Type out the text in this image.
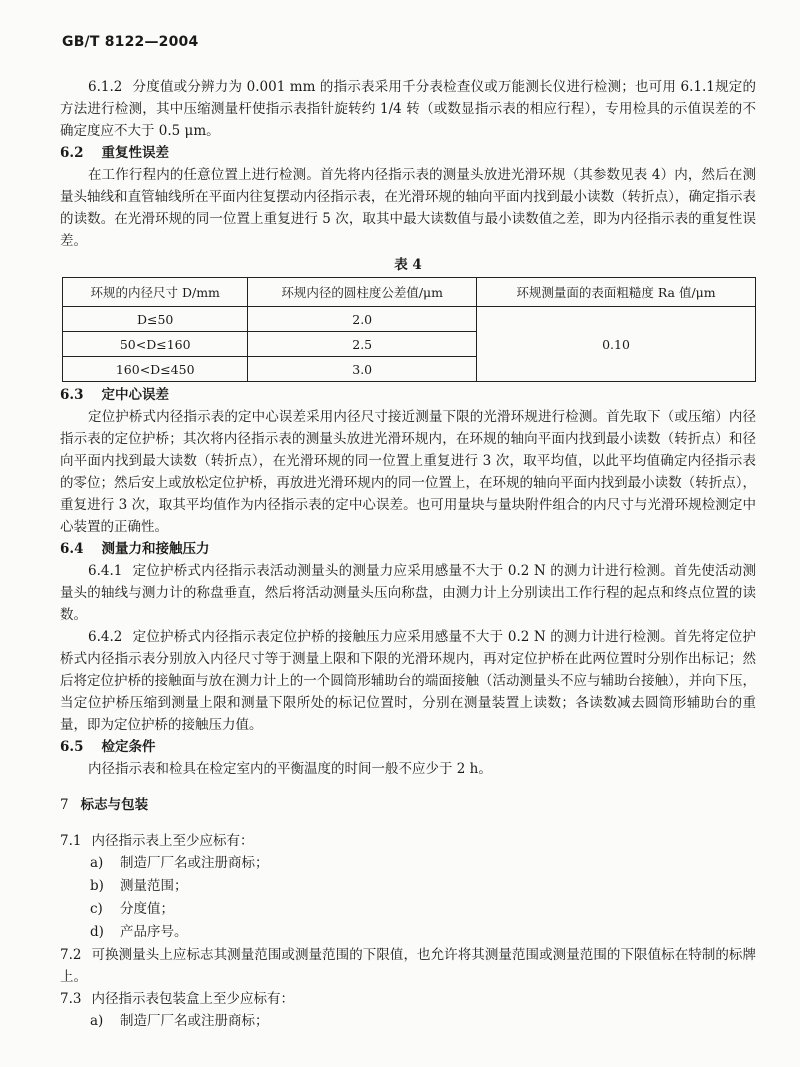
GB/T 8122—2004

6.1.2 分度值或分辨力为 0.001 mm 的指示表采用千分表检查仪或万能测长仪进行检测；也可用 6.1.1规定的方法进行检测，其中压缩测量杆使指示表指针旋转约 1/4 转（或数显指示表的相应行程），专用检具的示值误差的不确定度应不大于 0.5 μm。

6.2 重复性误差

在工作行程内的任意位置上进行检测。首先将内径指示表的测量头放进光滑环规（其参数见表 4）内，然后在测量头轴线和直管轴线所在平面内往复摆动内径指示表，在光滑环规的轴向平面内找到最小读数（转折点），确定指示表的读数。在光滑环规的同一位置上重复进行 5 次，取其中最大读数值与最小读数值之差，即为内径指示表的重复性误差。

表 4

环规的内径尺寸 D/mm	环规内径的圆柱度公差值/μm	环规测量面的表面粗糙度 Ra 值/μm
D≤50	2.0	0.10
50<D≤160	2.5	
160<D≤450	3.0	

6.3 定中心误差

定位护桥式内径指示表的定中心误差采用内径尺寸接近测量下限的光滑环规进行检测。首先取下（或压缩）内径指示表的定位护桥；其次将内径指示表的测量头放进光滑环规内，在环规的轴向平面内找到最小读数（转折点）和径向平面内找到最大读数（转折点），在光滑环规的同一位置上重复进行 3 次，取平均值，以此平均值确定内径指示表的零位；然后安上或放松定位护桥，再放进光滑环规内的同一位置上，在环规的轴向平面内找到最小读数（转折点），重复进行 3 次，取其平均值作为内径指示表的定中心误差。也可用量块与量块附件组合的内尺寸与光滑环规检测定中心装置的正确性。

6.4 测量力和接触压力

6.4.1 定位护桥式内径指示表活动测量头的测量力应采用感量不大于 0.2 N 的测力计进行检测。首先使活动测量头的轴线与测力计的称盘垂直，然后将活动测量头压向称盘，由测力计上分别读出工作行程的起点和终点位置的读数。

6.4.2 定位护桥式内径指示表定位护桥的接触压力应采用感量不大于 0.2 N 的测力计进行检测。首先将定位护桥式内径指示表分别放入内径尺寸等于测量上限和下限的光滑环规内，再对定位护桥在此两位置时分别作出标记；然后将定位护桥的接触面与放在测力计上的一个圆筒形辅助台的端面接触（活动测量头不应与辅助台接触），并向下压，当定位护桥压缩到测量上限和测量下限所处的标记位置时，分别在测量装置上读数；各读数减去圆筒形辅助台的重量，即为定位护桥的接触压力值。

6.5 检定条件

内径指示表和检具在检定室内的平衡温度的时间一般不应少于 2 h。

7 标志与包装

7.1 内径指示表上至少应标有：

a) 制造厂厂名或注册商标；

b) 测量范围；

c) 分度值；

d) 产品序号。

7.2 可换测量头上应标志其测量范围或测量范围的下限值，也允许将其测量范围或测量范围的下限值标在特制的标牌上。

7.3 内径指示表包装盒上至少应标有：

a) 制造厂厂名或注册商标；
